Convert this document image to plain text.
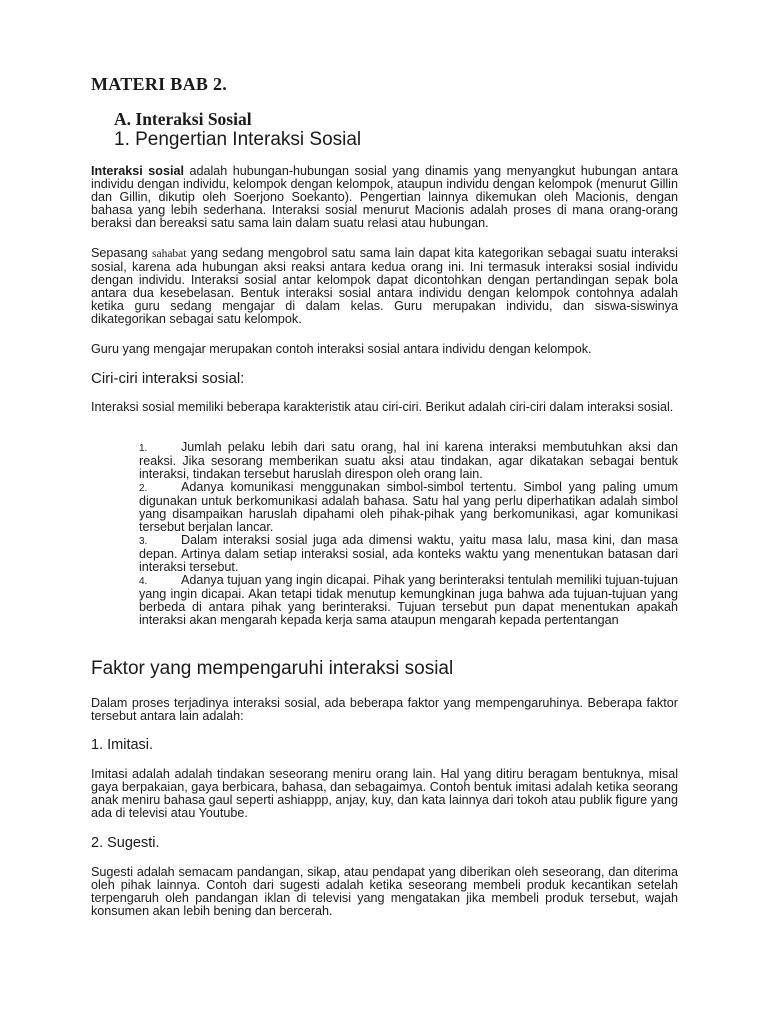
MATERI BAB 2.
A. Interaksi Sosial
1. Pengertian Interaksi Sosial

Interaksi sosial adalah hubungan-hubungan sosial yang dinamis yang menyangkut hubungan antara individu dengan individu, kelompok dengan kelompok, ataupun individu dengan kelompok (menurut Gillin dan Gillin, dikutip oleh Soerjono Soekanto). Pengertian lainnya dikemukan oleh Macionis, dengan bahasa yang lebih sederhana. Interaksi sosial menurut Macionis adalah proses di mana orang-orang beraksi dan bereaksi satu sama lain dalam suatu relasi atau hubungan.

Sepasang sahabat yang sedang mengobrol satu sama lain dapat kita kategorikan sebagai suatu interaksi sosial, karena ada hubungan aksi reaksi antara kedua orang ini. Ini termasuk interaksi sosial individu dengan individu. Interaksi sosial antar kelompok dapat dicontohkan dengan pertandingan sepak bola antara dua kesebelasan. Bentuk interaksi sosial antara individu dengan kelompok contohnya adalah ketika guru sedang mengajar di dalam kelas. Guru merupakan individu, dan siswa-siswinya dikategorikan sebagai satu kelompok.

Guru yang mengajar merupakan contoh interaksi sosial antara individu dengan kelompok.

Ciri-ciri interaksi sosial:

Interaksi sosial memiliki beberapa karakteristik atau ciri-ciri. Berikut adalah ciri-ciri dalam interaksi sosial.

1.	Jumlah pelaku lebih dari satu orang, hal ini karena interaksi membutuhkan aksi dan reaksi. Jika sesorang memberikan suatu aksi atau tindakan, agar dikatakan sebagai bentuk interaksi, tindakan tersebut haruslah direspon oleh orang lain.
2.	Adanya komunikasi menggunakan simbol-simbol tertentu. Simbol yang paling umum digunakan untuk berkomunikasi adalah bahasa. Satu hal yang perlu diperhatikan adalah simbol yang disampaikan haruslah dipahami oleh pihak-pihak yang berkomunikasi, agar komunikasi tersebut berjalan lancar.
3.	Dalam interaksi sosial juga ada dimensi waktu, yaitu masa lalu, masa kini, dan masa depan. Artinya dalam setiap interaksi sosial, ada konteks waktu yang menentukan batasan dari interaksi tersebut.
4.	Adanya tujuan yang ingin dicapai. Pihak yang berinteraksi tentulah memiliki tujuan-tujuan yang ingin dicapai. Akan tetapi tidak menutup kemungkinan juga bahwa ada tujuan-tujuan yang berbeda di antara pihak yang berinteraksi. Tujuan tersebut pun dapat menentukan apakah interaksi akan mengarah kepada kerja sama ataupun mengarah kepada pertentangan
Faktor yang mempengaruhi interaksi sosial

Dalam proses terjadinya interaksi sosial, ada beberapa faktor yang mempengaruhinya. Beberapa faktor tersebut antara lain adalah:

1. Imitasi.

Imitasi adalah adalah tindakan seseorang meniru orang lain. Hal yang ditiru beragam bentuknya, misal gaya berpakaian, gaya berbicara, bahasa, dan sebagaimya. Contoh bentuk imitasi adalah ketika seorang anak meniru bahasa gaul seperti ashiappp, anjay, kuy, dan kata lainnya dari tokoh atau publik figure yang ada di televisi atau Youtube.

2. Sugesti.

Sugesti adalah semacam pandangan, sikap, atau pendapat yang diberikan oleh seseorang, dan diterima oleh pihak lainnya. Contoh dari sugesti adalah ketika seseorang membeli produk kecantikan setelah terpengaruh oleh pandangan iklan di televisi yang mengatakan jika membeli produk tersebut, wajah konsumen akan lebih bening dan bercerah.
